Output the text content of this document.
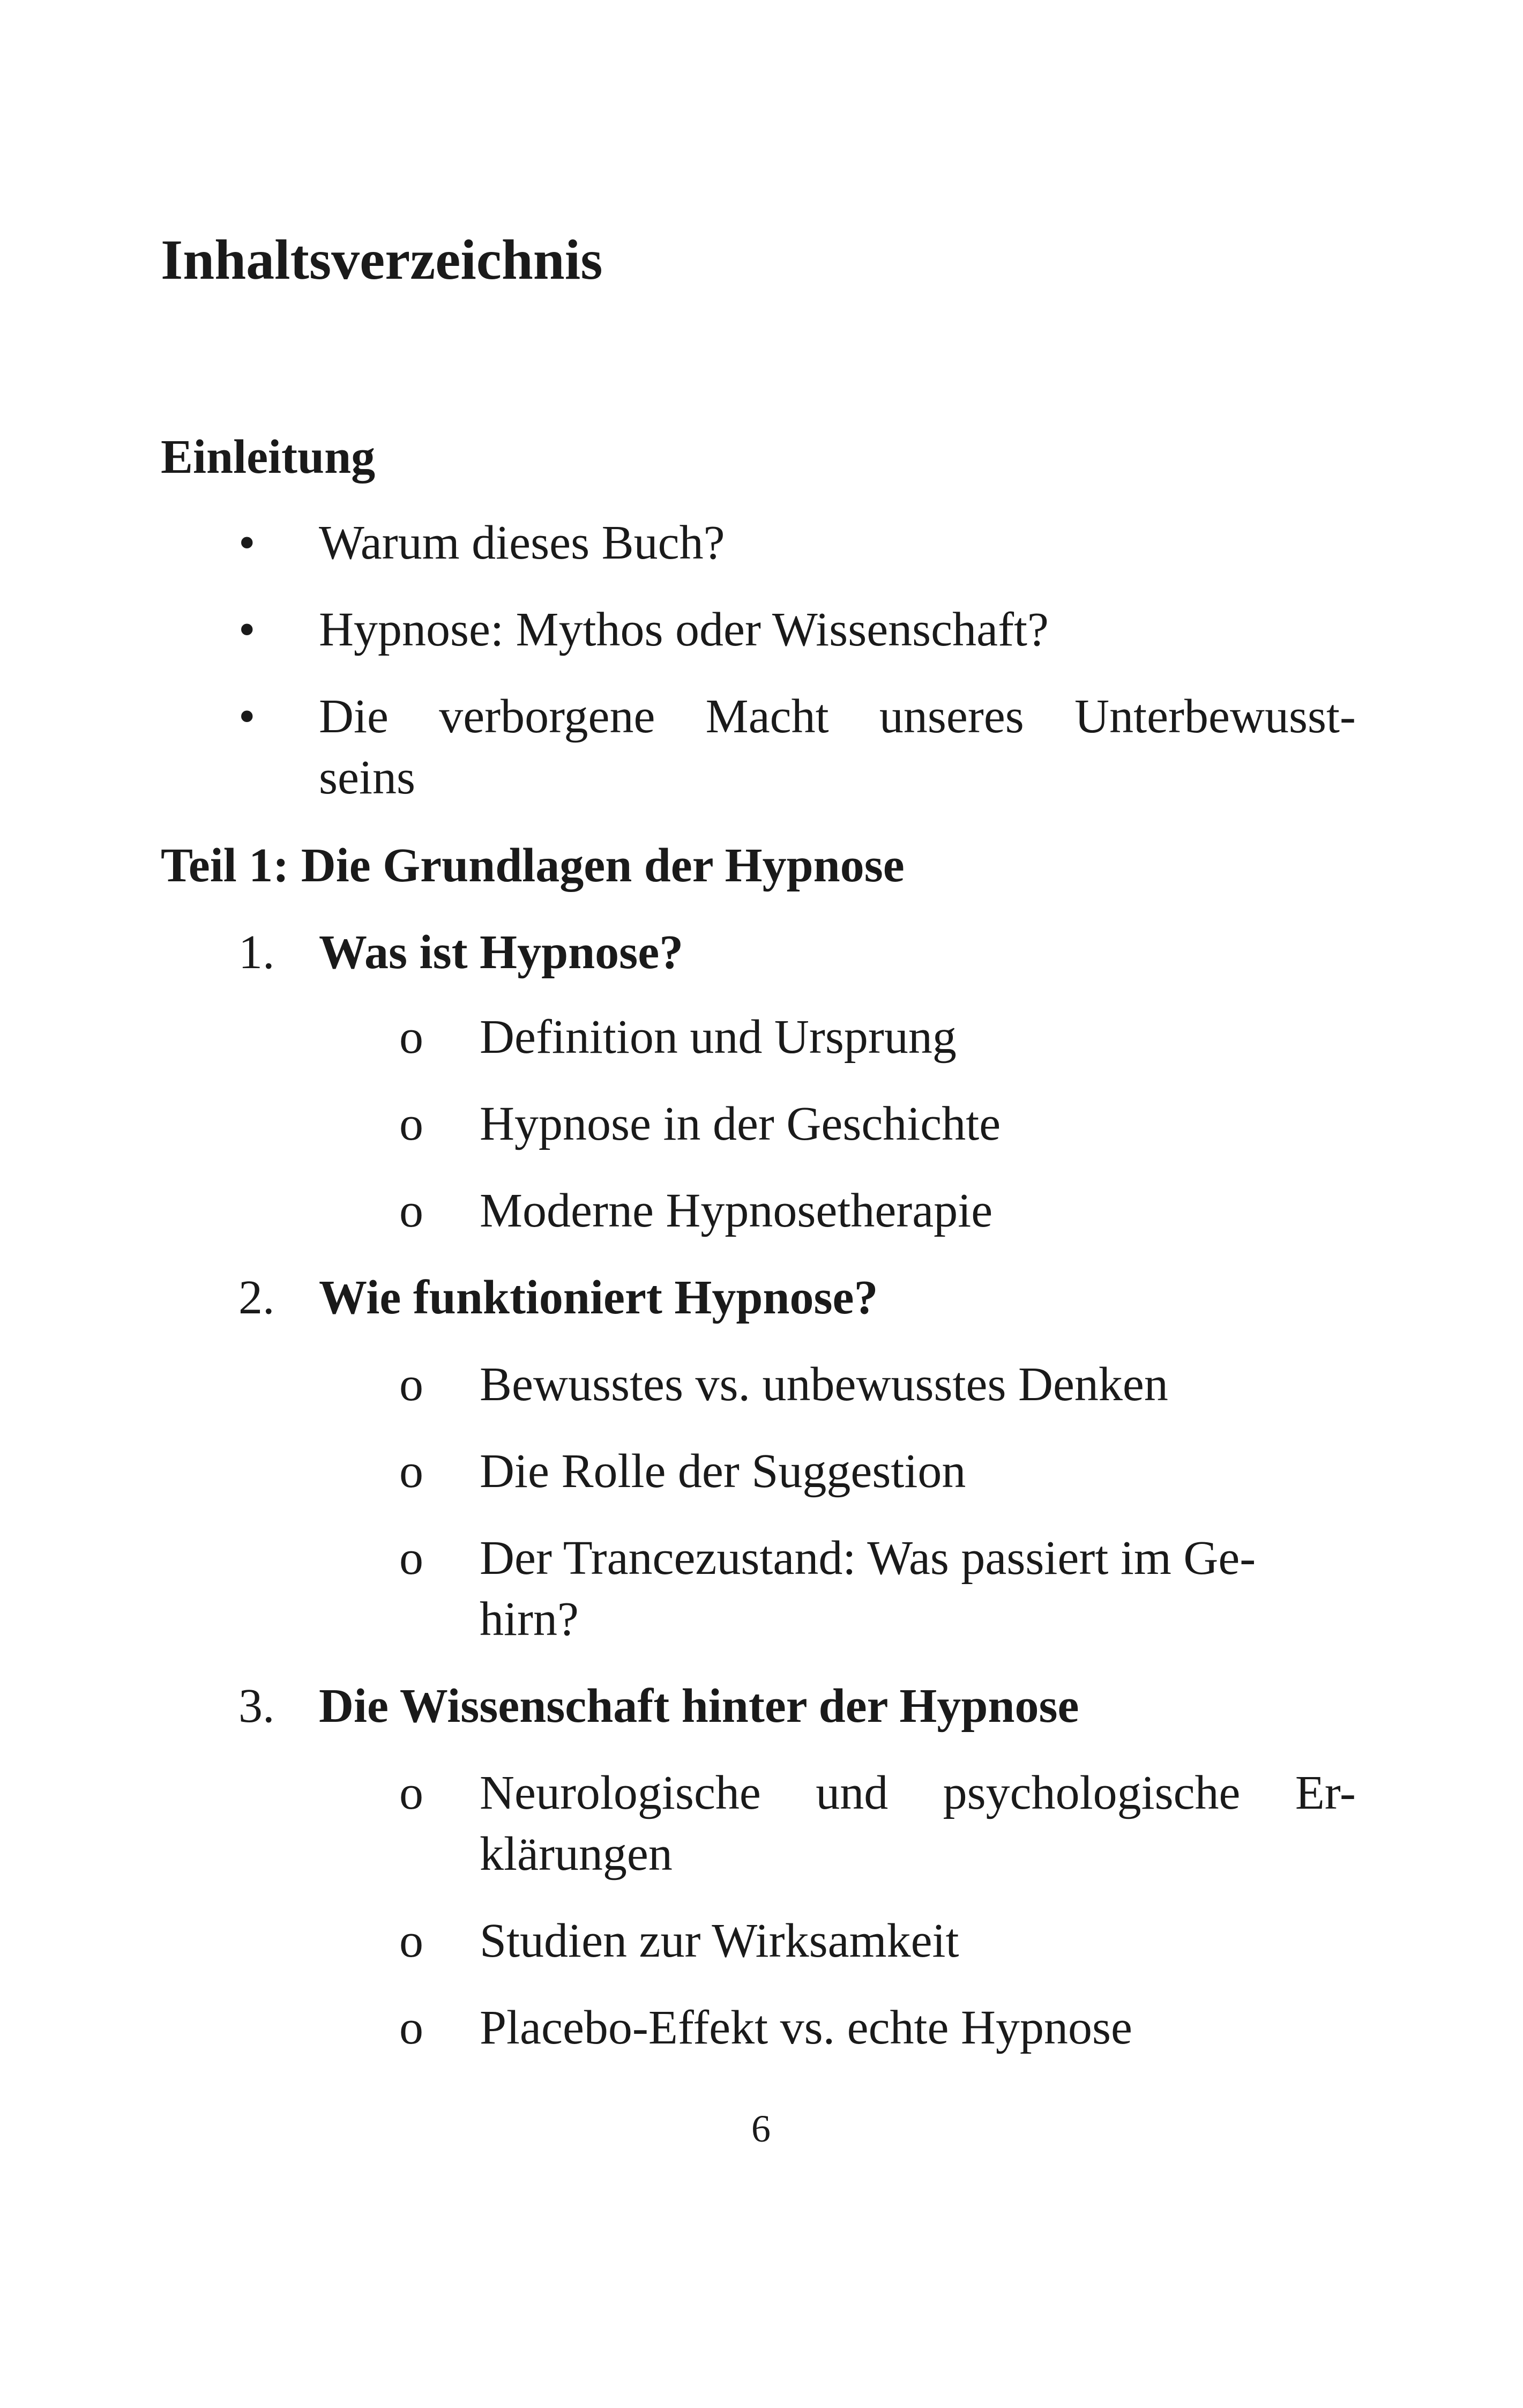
Inhaltsverzeichnis
Einleitung
• Warum dieses Buch?
• Hypnose: Mythos oder Wissenschaft?
• Die verborgene Macht unseres Unterbewusst-
seins
Teil 1: Die Grundlagen der Hypnose
1. Was ist Hypnose?
o Definition und Ursprung
o Hypnose in der Geschichte
o Moderne Hypnosetherapie
2. Wie funktioniert Hypnose?
o Bewusstes vs. unbewusstes Denken
o Die Rolle der Suggestion
o Der Trancezustand: Was passiert im Ge-
hirn?
3. Die Wissenschaft hinter der Hypnose
o Neurologische und psychologische Er-
klärungen
o Studien zur Wirksamkeit
o Placebo-Effekt vs. echte Hypnose
6
